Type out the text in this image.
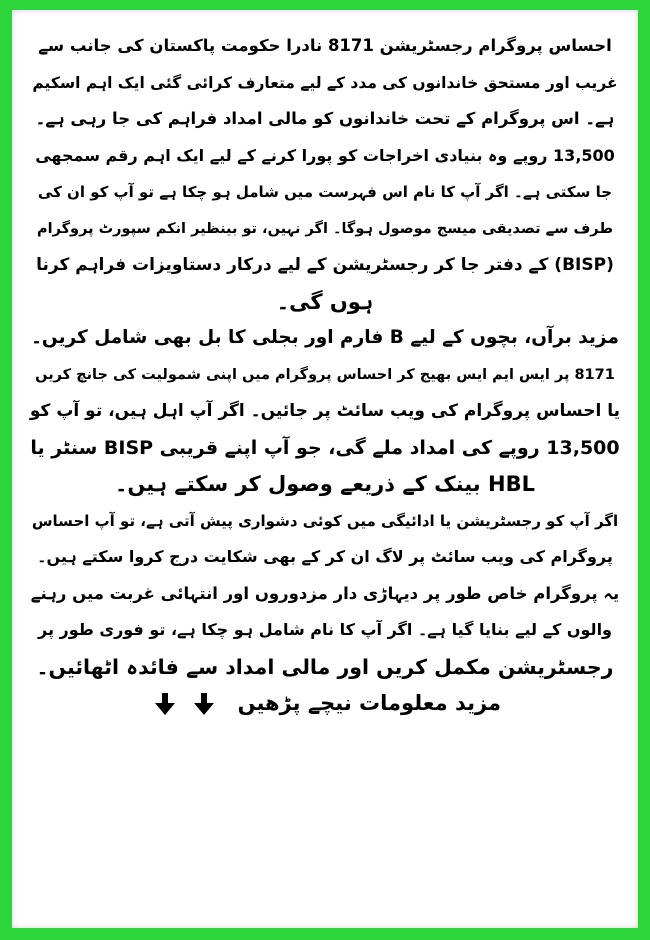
احساس پروگرام رجسٹریشن 8171 نادرا حکومت پاکستان کی جانب سے
غریب اور مستحق خاندانوں کی مدد کے لیے متعارف کرائی گئی ایک اہم اسکیم
ہے۔ اس پروگرام کے تحت خاندانوں کو مالی امداد فراہم کی جا رہی ہے۔
13,500 روپے وہ بنیادی اخراجات کو پورا کرنے کے لیے ایک اہم رقم سمجھی
جا سکتی ہے۔ اگر آپ کا نام اس فہرست میں شامل ہو چکا ہے تو آپ کو ان کی
طرف سے تصدیقی میسج موصول ہوگا۔ اگر نہیں، تو بینظیر انکم سپورٹ پروگرام
(BISP) کے دفتر جا کر رجسٹریشن کے لیے درکار دستاویزات فراہم کرنا
ہوں گی۔
مزید برآں، بچوں کے لیے B فارم اور بجلی کا بل بھی شامل کریں۔
8171 پر ایس ایم ایس بھیج کر احساس پروگرام میں اپنی شمولیت کی جانچ کریں
یا احساس پروگرام کی ویب سائٹ پر جائیں۔ اگر آپ اہل ہیں، تو آپ کو
13,500 روپے کی امداد ملے گی، جو آپ اپنے قریبی BISP سنٹر یا
HBL بینک کے ذریعے وصول کر سکتے ہیں۔
اگر آپ کو رجسٹریشن یا ادائیگی میں کوئی دشواری پیش آتی ہے، تو آپ احساس
پروگرام کی ویب سائٹ پر لاگ ان کر کے بھی شکایت درج کروا سکتے ہیں۔
یہ پروگرام خاص طور پر دیہاڑی دار مزدوروں اور انتہائی غربت میں رہنے
والوں کے لیے بنایا گیا ہے۔ اگر آپ کا نام شامل ہو چکا ہے، تو فوری طور پر
رجسٹریشن مکمل کریں اور مالی امداد سے فائدہ اٹھائیں۔
مزید معلومات نیچے پڑھیں
